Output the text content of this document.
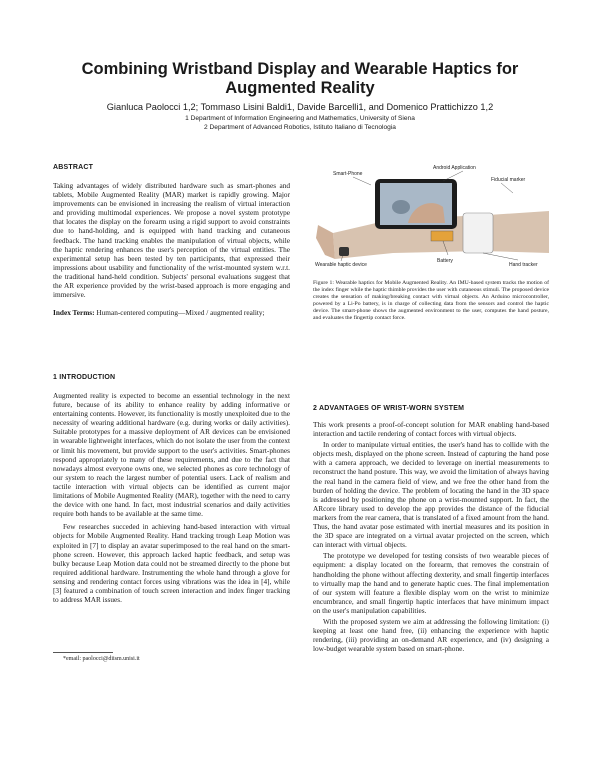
Combining Wristband Display and Wearable Haptics for Augmented Reality
Gianluca Paolocci 1,2; Tommaso Lisini Baldi1, Davide Barcelli1, and Domenico Prattichizzo 1,2
1 Department of Information Engineering and Mathematics, University of Siena
2 Department of Advanced Robotics, Istituto Italiano di Tecnologia
ABSTRACT

Taking advantages of widely distributed hardware such as smart-phones and tablets, Mobile Augmented Reality (MAR) market is rapidly growing. Major improvements can be envisioned in increasing the realism of virtual interaction and providing multimodal experiences. We propose a novel system prototype that locates the display on the forearm using a rigid support to avoid constraints due to hand-holding, and is equipped with hand tracking and cutaneous feedback. The hand tracking enables the manipulation of virtual objects, while the haptic rendering enhances the user's perception of the virtual entities. The experimental setup has been tested by ten participants, that expressed their impressions about usability and functionality of the wrist-mounted system w.r.t. the traditional hand-held condition. Subjects' personal evaluations suggest that the AR experience provided by the wrist-based approach is more engaging and immersive.

Index Terms: Human-centered computing—Mixed / augmented reality;

1 INTRODUCTION

Augmented reality is expected to become an essential technology in the next future, because of its ability to enhance reality by adding informative or entertaining contents. However, its functionality is mostly unexploited due to the necessity of wearing additional hardware (e.g. during works or daily activities). Suitable prototypes for a massive deployment of AR devices can be envisioned in wearable lightweight interfaces, which do not isolate the user from the context or limit his movement, but provide support to the user's activities. Smart-phones respond appropriately to many of these requirements, and due to the fact that nowadays almost everyone owns one, we selected phones as core technology of our system to reach the largest number of potential users. Lack of realism and tactile interaction with virtual objects can be identified as current major limitations of Mobile Augmented Reality (MAR), together with the need to carry the device with one hand. In fact, most industrial scenarios and daily activities require both hands to be available at the same time.

Few researches succeded in achieving hand-based interaction with virtual objects for Mobile Augmented Reality. Hand tracking trough Leap Motion was exploited in [7] to display an avatar superimposed to the real hand on the smart-phone screen. However, this approach lacked haptic feedback, and setup was bulky because Leap Motion data could not be streamed directly to the phone but required additional hardware. Instrumenting the whole hand through a glove for sensing and rendering contact forces using vibrations was the idea in [4], while [3] featured a combination of touch screen interaction and index finger tracking to address MAR issues.

*email: paolocci@diism.unisi.it
Smart-Phone
Android Application
Fiducial marker
Hand tracker
Battery
Wearable haptic device

Figure 1: Wearable haptics for Mobile Augmented Reality. An IMU-based system tracks the motion of the index finger while the haptic thimble provides the user with cutaneous stimuli. The proposed device creates the sensation of making/breaking contact with virtual objects. An Arduino microcontroller, powered by a Li-Po battery, is in charge of collecting data from the sensors and control the haptic device. The smart-phone shows the augmented environment to the user, computes the hand posture, and evaluates the fingertip contact force.

2 ADVANTAGES OF WRIST-WORN SYSTEM

This work presents a proof-of-concept solution for MAR enabling hand-based interaction and tactile rendering of contact forces with virtual objects.

In order to manipulate virtual entities, the user's hand has to collide with the objects mesh, displayed on the phone screen. Instead of capturing the hand pose with a camera approach, we decided to leverage on inertial measurements to reconstruct the hand posture. This way, we avoid the limitation of always having the real hand in the camera field of view, and we free the other hand from the burden of holding the device. The problem of locating the hand in the 3D space is addressed by positioning the phone on a wrist-mounted support. In fact, the ARcore library used to develop the app provides the distance of the fiducial markers from the rear camera, that is translated of a fixed amount from the hand. Thus, the hand avatar pose estimated with inertial measures and its position in the 3D space are integrated on a virtual avatar projected on the screen, which can interact with virtual objects.

The prototype we developed for testing consists of two wearable pieces of equipment: a display located on the forearm, that removes the constrain of handholding the phone without affecting dexterity, and small fingertip interfaces to virtually map the hand and to generate haptic cues. The final implementation of our system will feature a flexible display worn on the wrist to minimize encumbrance, and small fingertip haptic interfaces that have minimum impact on the user's manipulation capabilities.

With the proposed system we aim at addressing the following limitation: (i) keeping at least one hand free, (ii) enhancing the experience with haptic rendering, (iii) providing an on-demand AR experience, and (iv) designing a low-budget wearable system based on smart-phone.
